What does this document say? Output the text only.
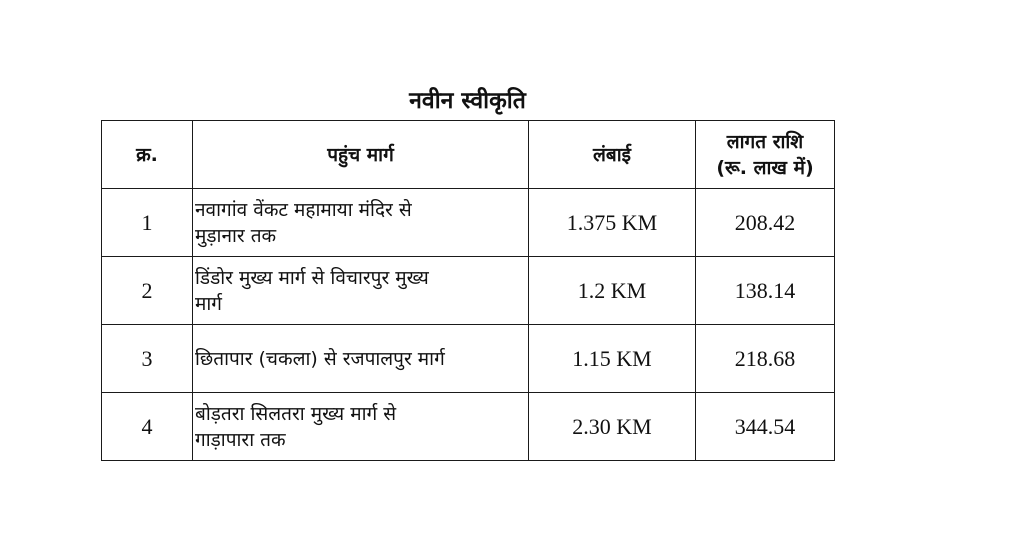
नवीन स्वीकृति
क्र.	पहुंच मार्ग	लंबाई	लागत राशि
(रू. लाख में)

1	नवागांव वेंकट महामाया मंदिर से
मुड़ानार तक	1.375 KM	208.42
2	डिंडोर मुख्य मार्ग से विचारपुर मुख्य
मार्ग	1.2 KM	138.14
3	छितापार (चकला) से रजपालपुर मार्ग	1.15 KM	218.68
4	बोड़तरा सिलतरा मुख्य मार्ग से
गाड़ापारा तक	2.30 KM	344.54
